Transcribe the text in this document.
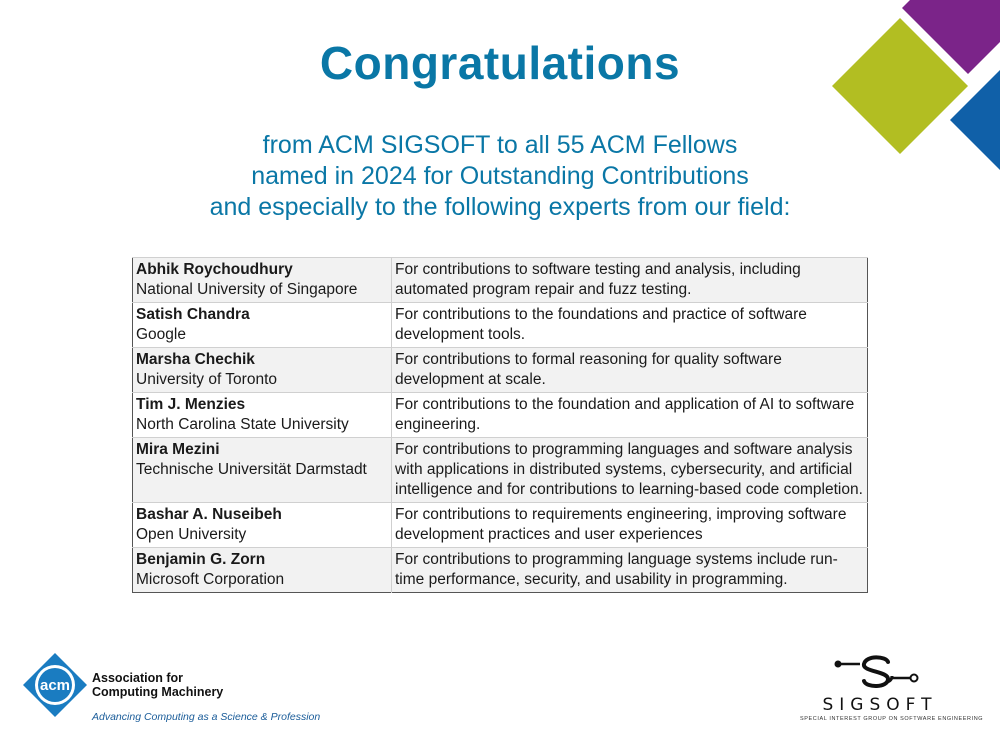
Congratulations
from ACM SIGSOFT to all 55 ACM Fellows
named in 2024 for Outstanding Contributions
and especially to the following experts from our field:
Abhik Roychoudhury
National University of Singapore	For contributions to software testing and analysis, including automated program repair and fuzz testing.

Satish Chandra
Google	For contributions to the foundations and practice of software development tools.

Marsha Chechik
University of Toronto	For contributions to formal reasoning for quality software development at scale.

Tim J. Menzies
North Carolina State University	For contributions to the foundation and application of AI to software engineering.

Mira Mezini
Technische Universität Darmstadt	For contributions to programming languages and software analysis with applications in distributed systems, cybersecurity, and artificial intelligence and for contributions to learning-based code completion.

Bashar A. Nuseibeh
Open University	For contributions to requirements engineering, improving software development practices and user experiences

Benjamin G. Zorn
Microsoft Corporation	For contributions to programming language systems include run-time performance, security, and usability in programming.
acm Association for
Computing Machinery
Advancing Computing as a Science & Profession
SIGSOFT
SPECIAL INTEREST GROUP ON SOFTWARE ENGINEERING
